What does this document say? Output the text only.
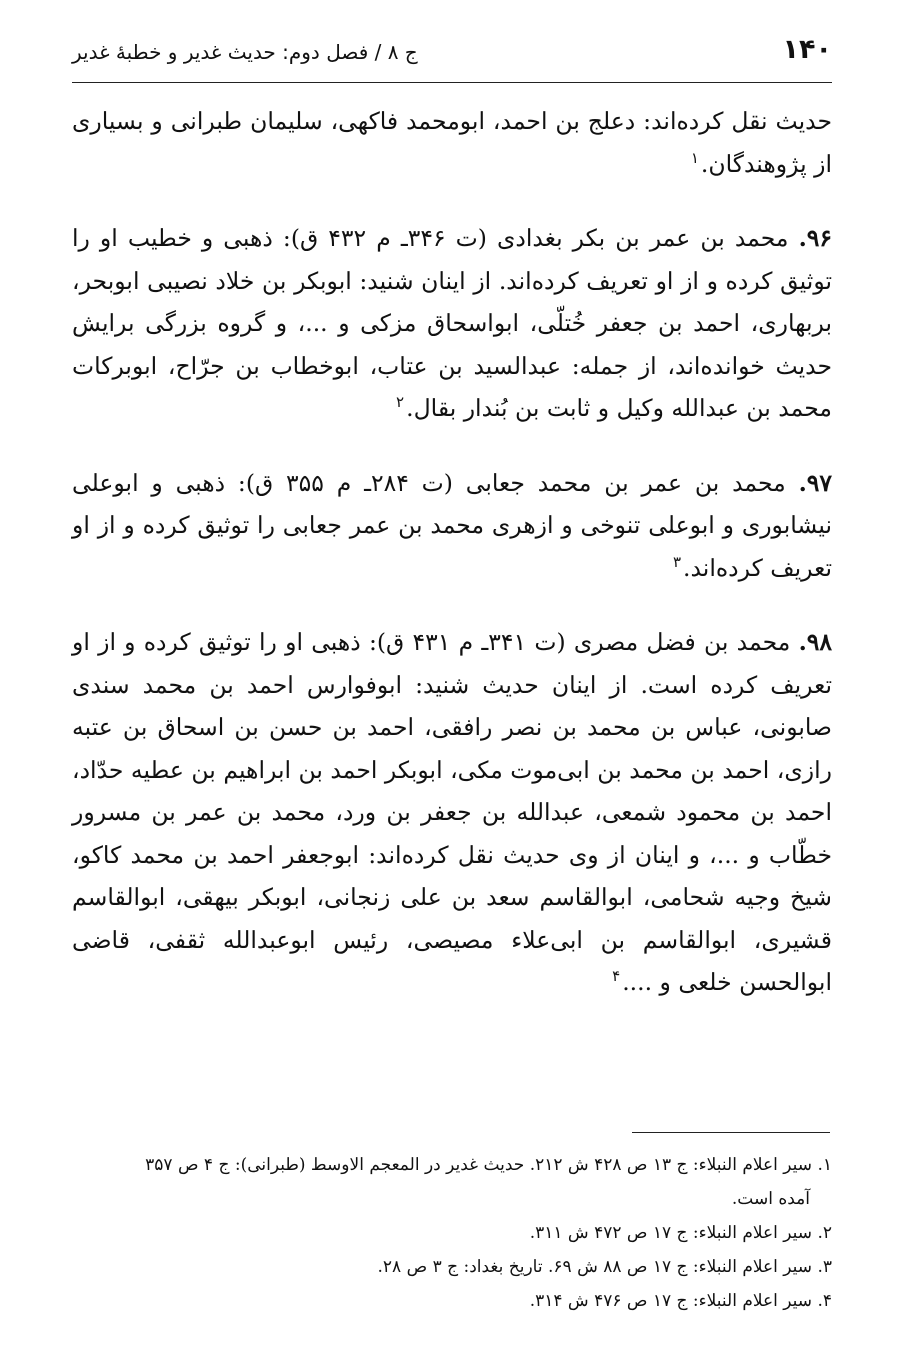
۱۴۰
ج ۸ / فصل دوم: حدیث غدیر و خطبهٔ غدیر

حدیث نقل کرده‌اند: دعلج بن احمد، ابومحمد فاکهی، سلیمان طبرانی و بسیاری از پژوهندگان.$^۱$

۹۶. محمد بن عمر بن بکر بغدادی (ت ۳۴۶ـ م ۴۳۲ ق): ذهبی و خطیب او را توثیق کرده و از او تعریف کرده‌اند. از اینان شنید: ابوبکر بن خلاد نصیبی ابوبحر، بربهاری، احمد بن جعفر خُتلّی، ابواسحاق مزکی و ...، و گروه بزرگی برایش حدیث خوانده‌اند، از جمله: عبدالسید بن عتاب، ابوخطاب بن جرّاح، ابوبرکات محمد بن عبدالله وکیل و ثابت بن بُندار بقال.$^۲$

۹۷. محمد بن عمر بن محمد جعابی (ت ۲۸۴ـ م ۳۵۵ ق): ذهبی و ابوعلی نیشابوری و ابوعلی تنوخی و ازهری محمد بن عمر جعابی را توثیق کرده و از او تعریف کرده‌اند.$^۳$

۹۸. محمد بن فضل مصری (ت ۳۴۱ـ م ۴۳۱ ق): ذهبی او را توثیق کرده و از او تعریف کرده است. از اینان حدیث شنید: ابوفوارس احمد بن محمد سندی صابونی، عباس بن محمد بن نصر رافقی، احمد بن حسن بن اسحاق بن عتبه رازی، احمد بن محمد بن ابی‌موت مکی، ابوبکر احمد بن ابراهیم بن عطیه حدّاد، احمد بن محمود شمعی، عبدالله بن جعفر بن ورد، محمد بن عمر بن مسرور خطّاب و ...، و اینان از وی حدیث نقل کرده‌اند: ابوجعفر احمد بن محمد کاکو، شیخ وجیه شحامی، ابوالقاسم سعد بن علی زنجانی، ابوبکر بیهقی، ابوالقاسم قشیری، ابوالقاسم بن ابی‌علاء مصیصی، رئیس ابوعبدالله ثقفی، قاضی ابوالحسن خلعی و ....$^۴$

۱. سیر اعلام النبلاء: ج ۱۳ ص ۴۲۸ ش ۲۱۲. حدیث غدیر در المعجم الاوسط (طبرانی): ج ۴ ص ۳۵۷

آمده است.

۲. سیر اعلام النبلاء: ج ۱۷ ص ۴۷۲ ش ۳۱۱.

۳. سیر اعلام النبلاء: ج ۱۷ ص ۸۸ ش ۶۹. تاریخ بغداد: ج ۳ ص ۲۸.

۴. سیر اعلام النبلاء: ج ۱۷ ص ۴۷۶ ش ۳۱۴.
